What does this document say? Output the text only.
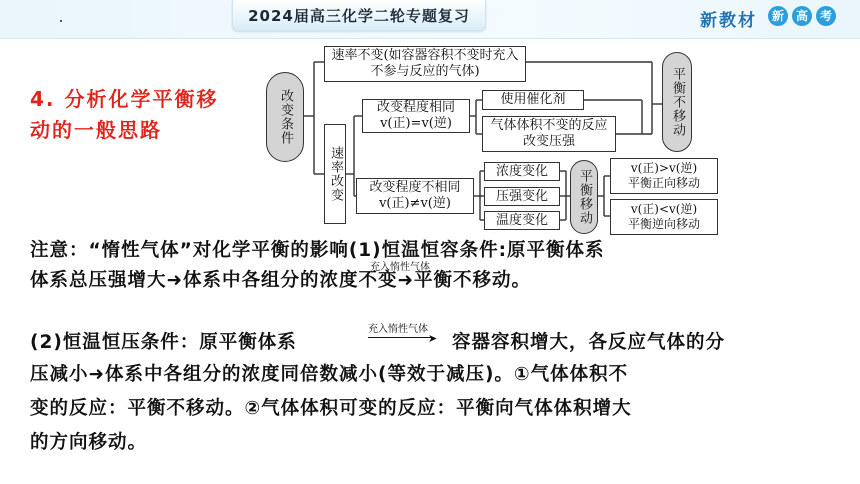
2024届高三化学二轮专题复习	新教材	新 高 考
4. 分析化学平衡移
动的一般思路	改变条件
速率不变(如容器容积不变时充入不参与反应的气体)
速率改变
改变程度相同
v(正)=v(逆)
使用催化剂
气体体积不变的反应改变压强
改变程度不相同
v(正)≠v(逆)
浓度变化
压强变化
温度变化	平衡移动
平衡不移动
v(正)>v(逆)
平衡正向移动
v(正)<v(逆)
平衡逆向移动
注意：“惰性气体”对化学平衡的影响(1)恒温恒容条件:原平衡体系
充入惰性气体
体系总压强增大➜体系中各组分的浓度不变➜平衡不移动。
(2)恒温恒压条件：原平衡体系
充入惰性气体
➤ 容器容积增大，各反应气体的分
压减小➜体系中各组分的浓度同倍数减小(等效于减压)。①气体体积不
变的反应：平衡不移动。②气体体积可变的反应：平衡向气体体积增大
的方向移动。
